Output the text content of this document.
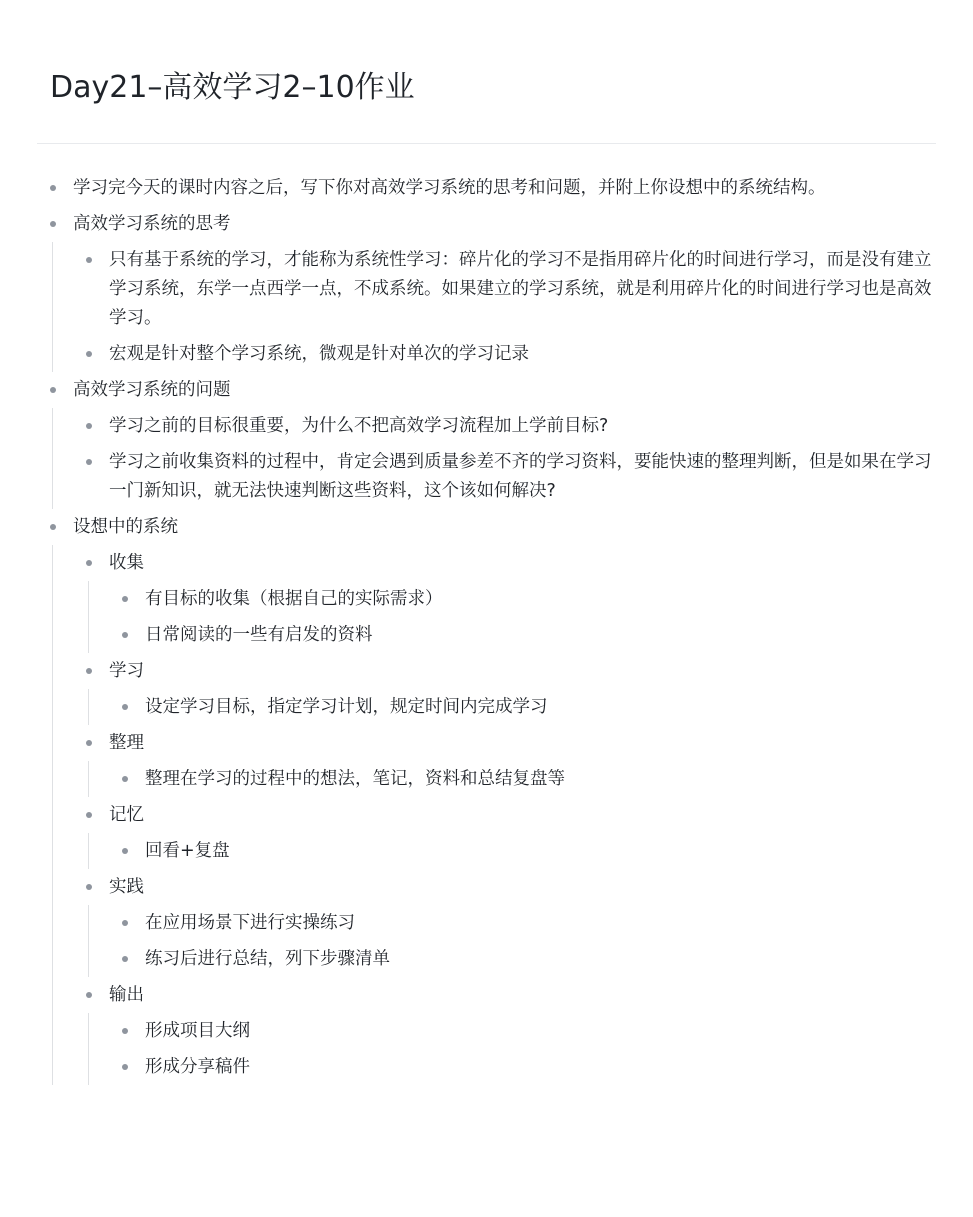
Day21–高效学习2–10作业
学习完今天的课时内容之后，写下你对高效学习系统的思考和问题，并附上你设想中的系统结构。
高效学习系统的思考
只有基于系统的学习，才能称为系统性学习：碎片化的学习不是指用碎片化的时间进行学习，而是没有建立学习系统，东学一点西学一点，不成系统。如果建立的学习系统，就是利用碎片化的时间进行学习也是高效学习。
宏观是针对整个学习系统，微观是针对单次的学习记录
高效学习系统的问题
学习之前的目标很重要，为什么不把高效学习流程加上学前目标?
学习之前收集资料的过程中，肯定会遇到质量参差不齐的学习资料，要能快速的整理判断，但是如果在学习一门新知识，就无法快速判断这些资料，这个该如何解决?
设想中的系统
收集
有目标的收集（根据自己的实际需求）
日常阅读的一些有启发的资料
学习
设定学习目标，指定学习计划，规定时间内完成学习
整理
整理在学习的过程中的想法，笔记，资料和总结复盘等
记忆
回看+复盘
实践
在应用场景下进行实操练习
练习后进行总结，列下步骤清单
输出
形成项目大纲
形成分享稿件
